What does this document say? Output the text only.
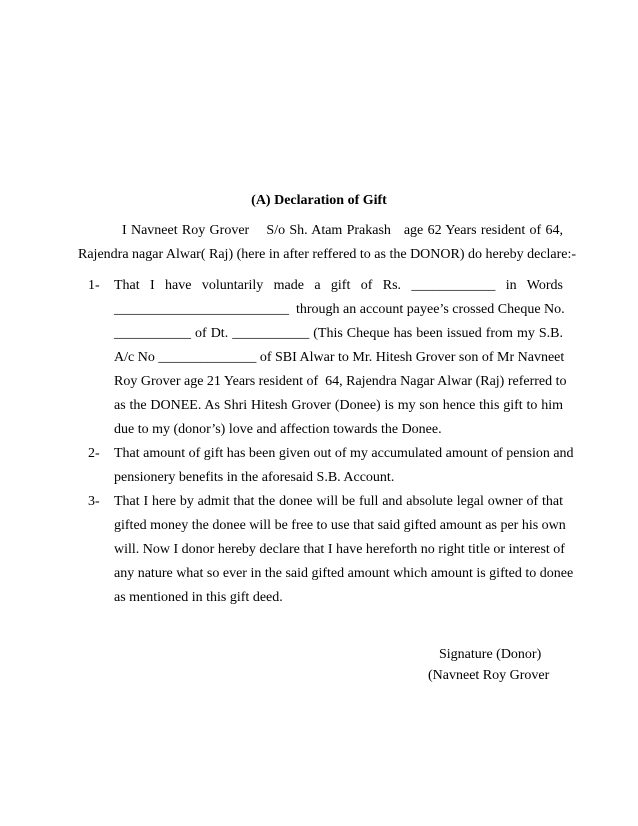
(A) Declaration of Gift
I Navneet Roy Grover    S/o Sh. Atam Prakash   age 62 Years resident of 64,
Rajendra nagar Alwar( Raj) (here in after reffered to as the DONOR) do hereby declare:-
1- That I have voluntarily made a gift of Rs. ____________ in Words
_________________________  through an account payee’s crossed Cheque No.
___________ of Dt. ___________ (This Cheque has been issued from my S.B.
A/c No ______________ of SBI Alwar to Mr. Hitesh Grover son of Mr Navneet
Roy Grover age 21 Years resident of  64, Rajendra Nagar Alwar (Raj) referred to
as the DONEE. As Shri Hitesh Grover (Donee) is my son hence this gift to him
due to my (donor’s) love and affection towards the Donee.
2- That amount of gift has been given out of my accumulated amount of pension and
pensionery benefits in the aforesaid S.B. Account.
3- That I here by admit that the donee will be full and absolute legal owner of that
gifted money the donee will be free to use that said gifted amount as per his own
will. Now I donor hereby declare that I have hereforth no right title or interest of
any nature what so ever in the said gifted amount which amount is gifted to donee
as mentioned in this gift deed.
Signature (Donor)
(Navneet Roy Grover
